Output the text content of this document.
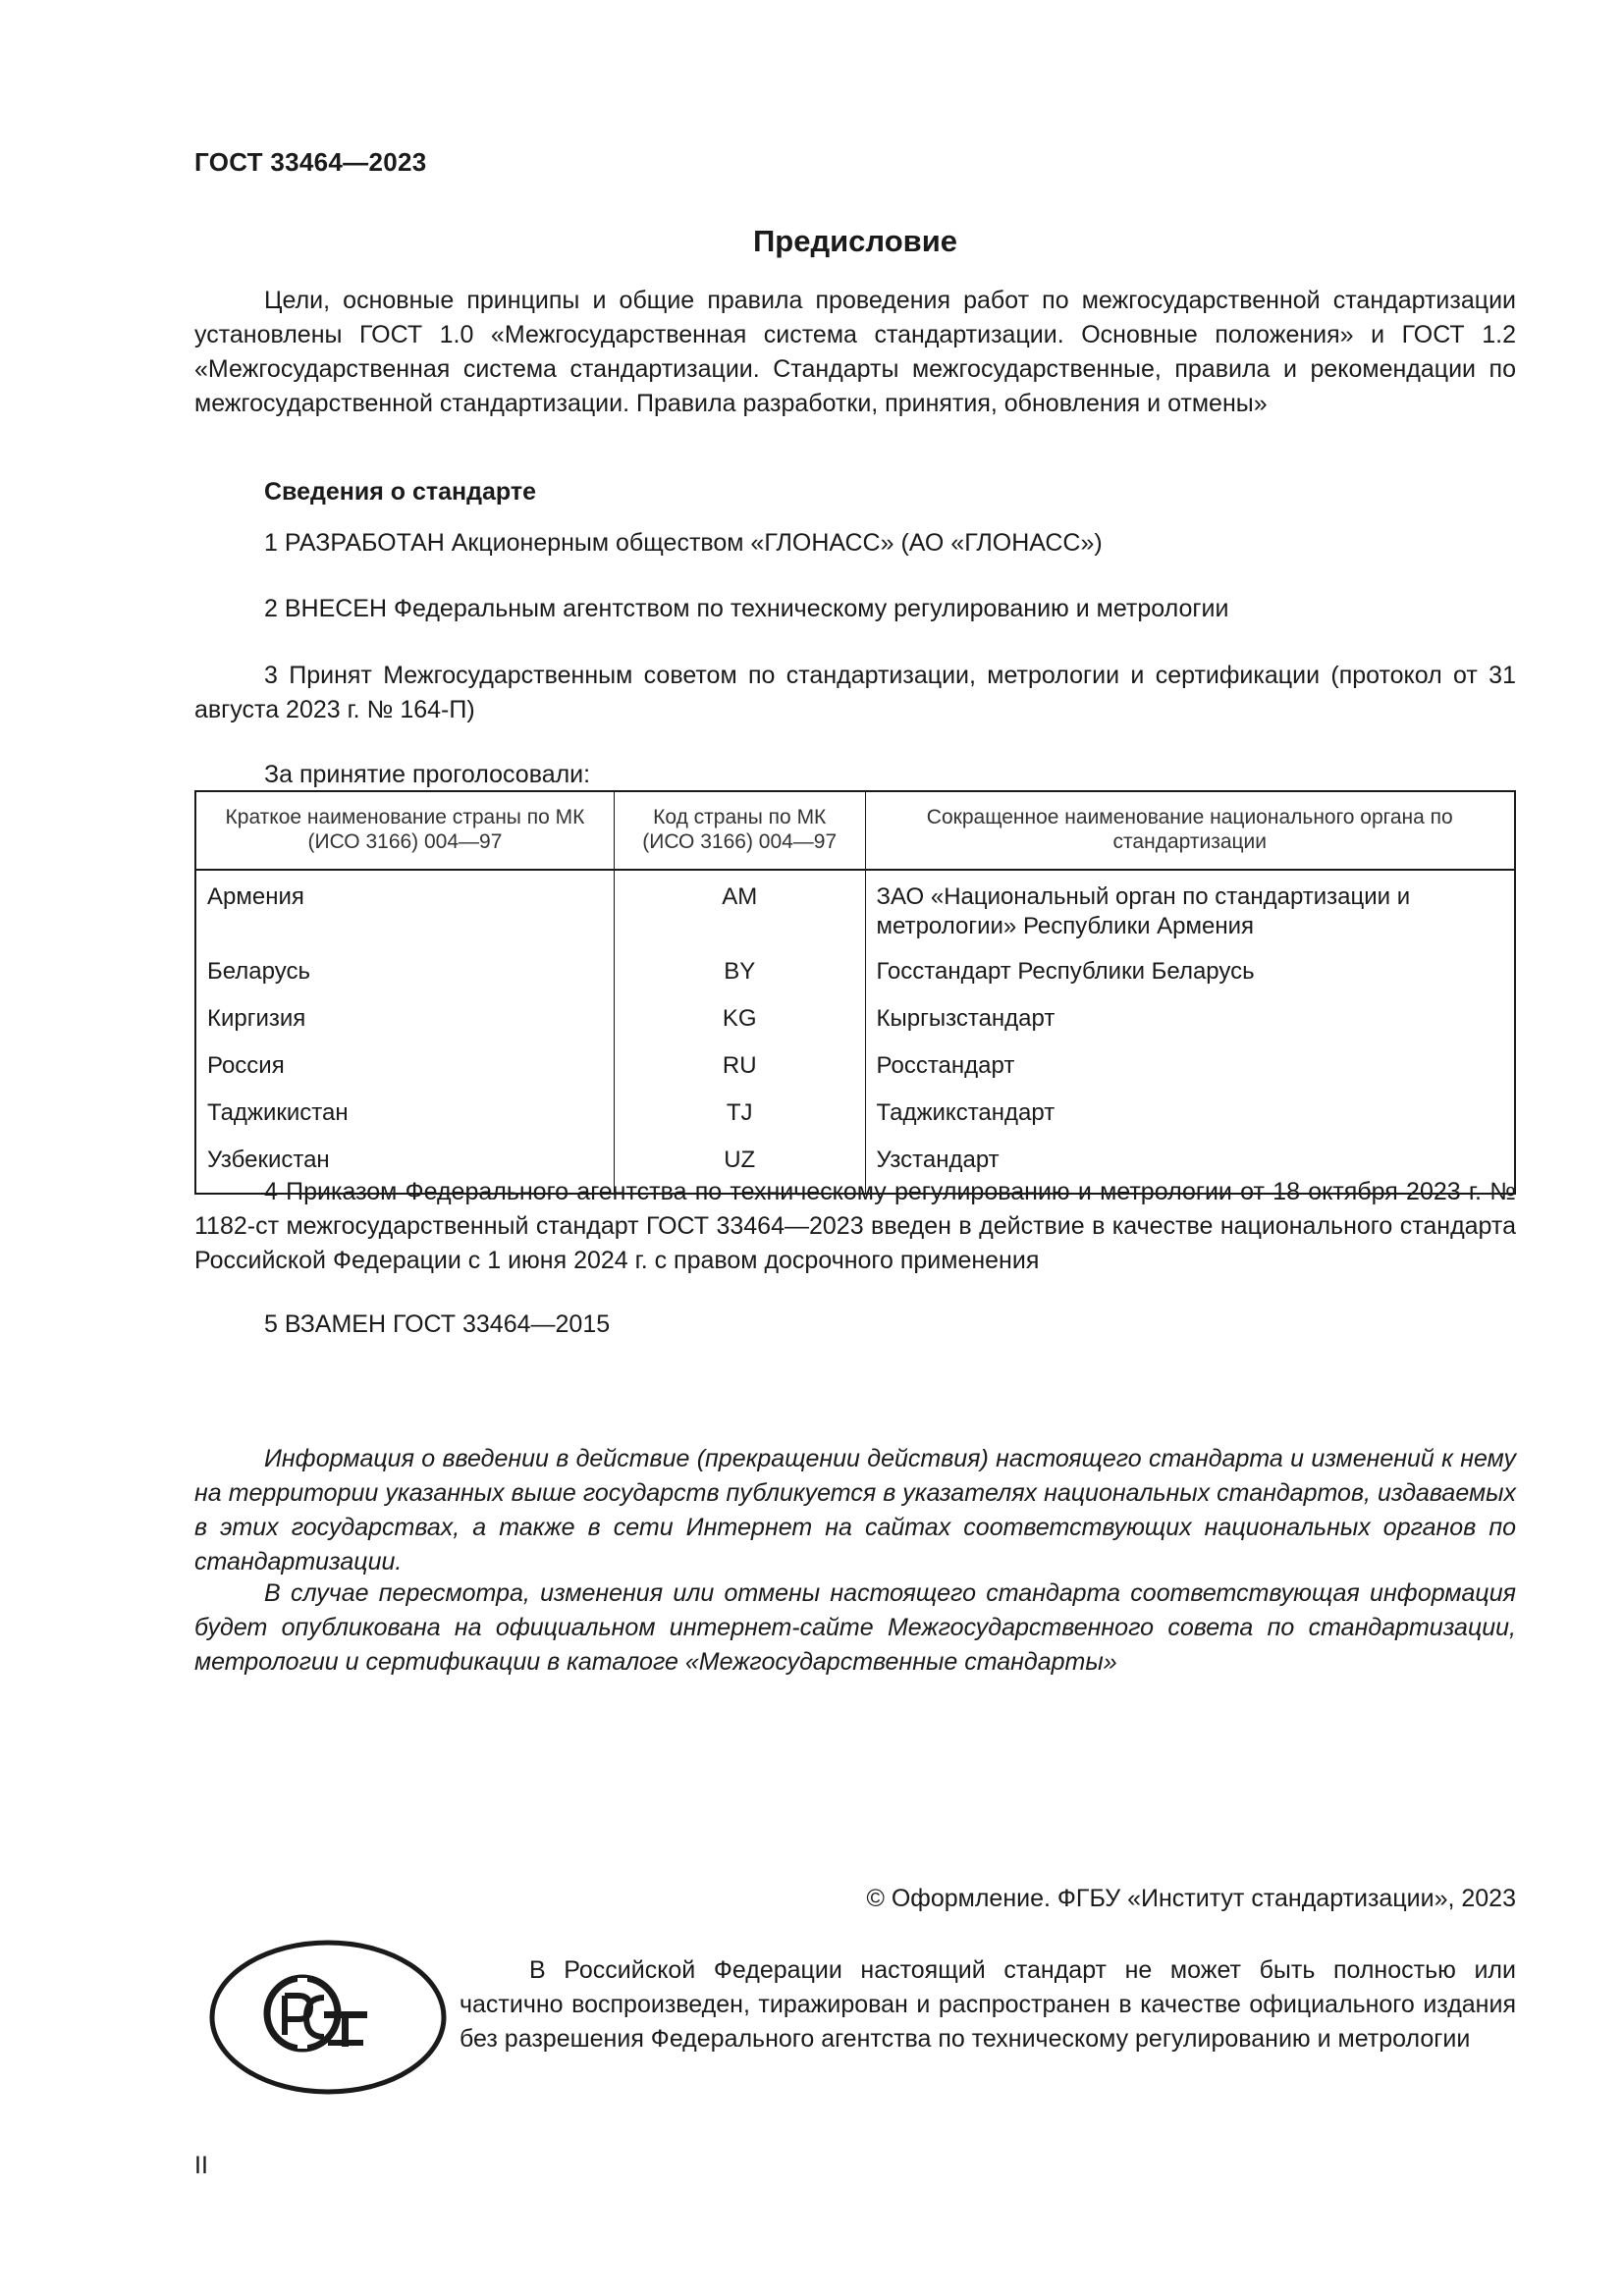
ГОСТ 33464—2023
Предисловие
Цели, основные принципы и общие правила проведения работ по межгосударственной стандартизации установлены ГОСТ 1.0 «Межгосударственная система стандартизации. Основные положения» и ГОСТ 1.2 «Межгосударственная система стандартизации. Стандарты межгосударственные, правила и рекомендации по межгосударственной стандартизации. Правила разработки, принятия, обновления и отмены»
Сведения о стандарте
1 РАЗРАБОТАН Акционерным обществом «ГЛОНАСС» (АО «ГЛОНАСС»)
2 ВНЕСЕН Федеральным агентством по техническому регулированию и метрологии
3 Принят Межгосударственным советом по стандартизации, метрологии и сертификации (протокол от 31 августа 2023 г. № 164-П)
За принятие проголосовали:
Краткое наименование страны по МК (ИСО 3166) 004—97	Код страны по МК (ИСО 3166) 004—97	Сокращенное наименование национального органа по стандартизации
Армения	AM	ЗАО «Национальный орган по стандартизации и метрологии» Республики Армения
Беларусь	BY	Госстандарт Республики Беларусь
Киргизия	KG	Кыргызстандарт
Россия	RU	Росстандарт
Таджикистан	TJ	Таджикстандарт
Узбекистан	UZ	Узстандарт
4 Приказом Федерального агентства по техническому регулированию и метрологии от 18 октября 2023 г. № 1182-ст межгосударственный стандарт ГОСТ 33464—2023 введен в действие в качестве национального стандарта Российской Федерации с 1 июня 2024 г. с правом досрочного применения
5 ВЗАМЕН ГОСТ 33464—2015
Информация о введении в действие (прекращении действия) настоящего стандарта и изменений к нему на территории указанных выше государств публикуется в указателях национальных стандартов, издаваемых в этих государствах, а также в сети Интернет на сайтах соответствующих национальных органов по стандартизации.
В случае пересмотра, изменения или отмены настоящего стандарта соответствующая информация будет опубликована на официальном интернет-сайте Межгосударственного совета по стандартизации, метрологии и сертификации в каталоге «Межгосударственные стандарты»
© Оформление. ФГБУ «Институт стандартизации», 2023
В Российской Федерации настоящий стандарт не может быть полностью или частично воспроизведен, тиражирован и распространен в качестве официального издания без разрешения Федерального агентства по техническому регулированию и метрологии
II
